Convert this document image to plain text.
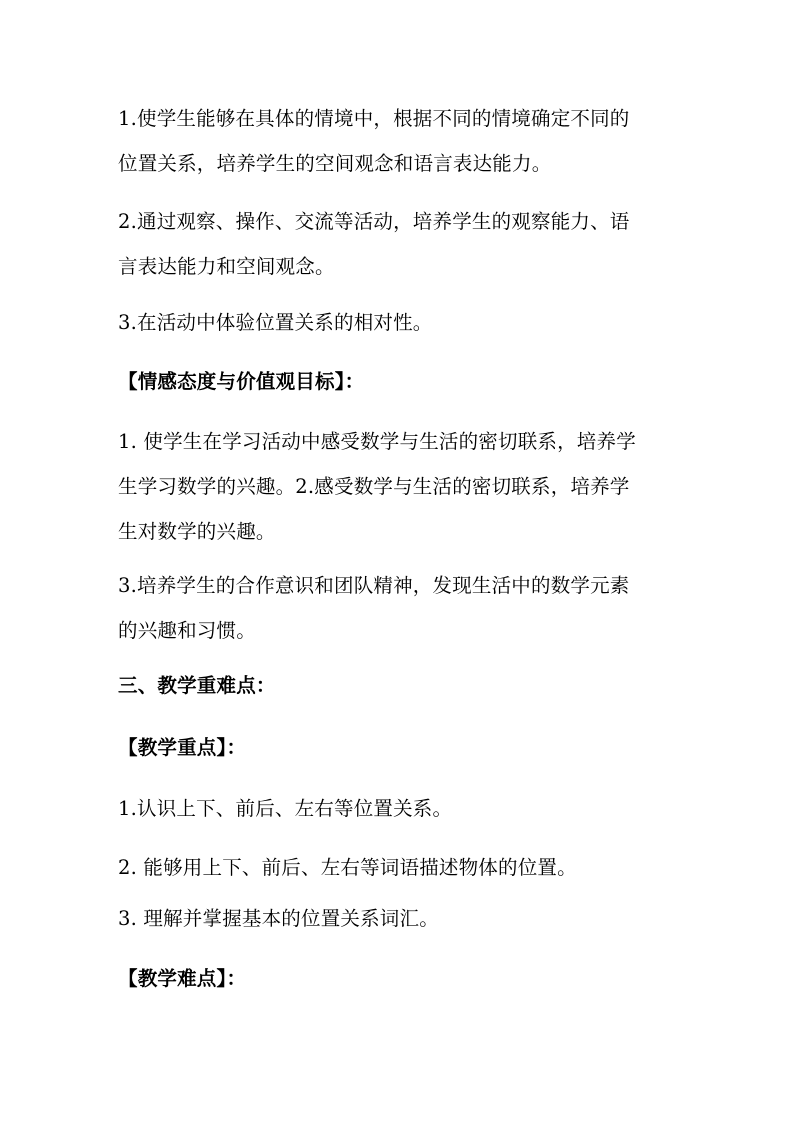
1.使学生能够在具体的情境中，根据不同的情境确定不同的
位置关系，培养学生的空间观念和语言表达能力。
2.通过观察、操作、交流等活动，培养学生的观察能力、语
言表达能力和空间观念。
3.在活动中体验位置关系的相对性。
【情感态度与价值观目标】：
1. 使学生在学习活动中感受数学与生活的密切联系，培养学
生学习数学的兴趣。2.感受数学与生活的密切联系，培养学
生对数学的兴趣。
3.培养学生的合作意识和团队精神，发现生活中的数学元素
的兴趣和习惯。
三、教学重难点：
【教学重点】：
1.认识上下、前后、左右等位置关系。
2. 能够用上下、前后、左右等词语描述物体的位置。
3. 理解并掌握基本的位置关系词汇。
【教学难点】：
